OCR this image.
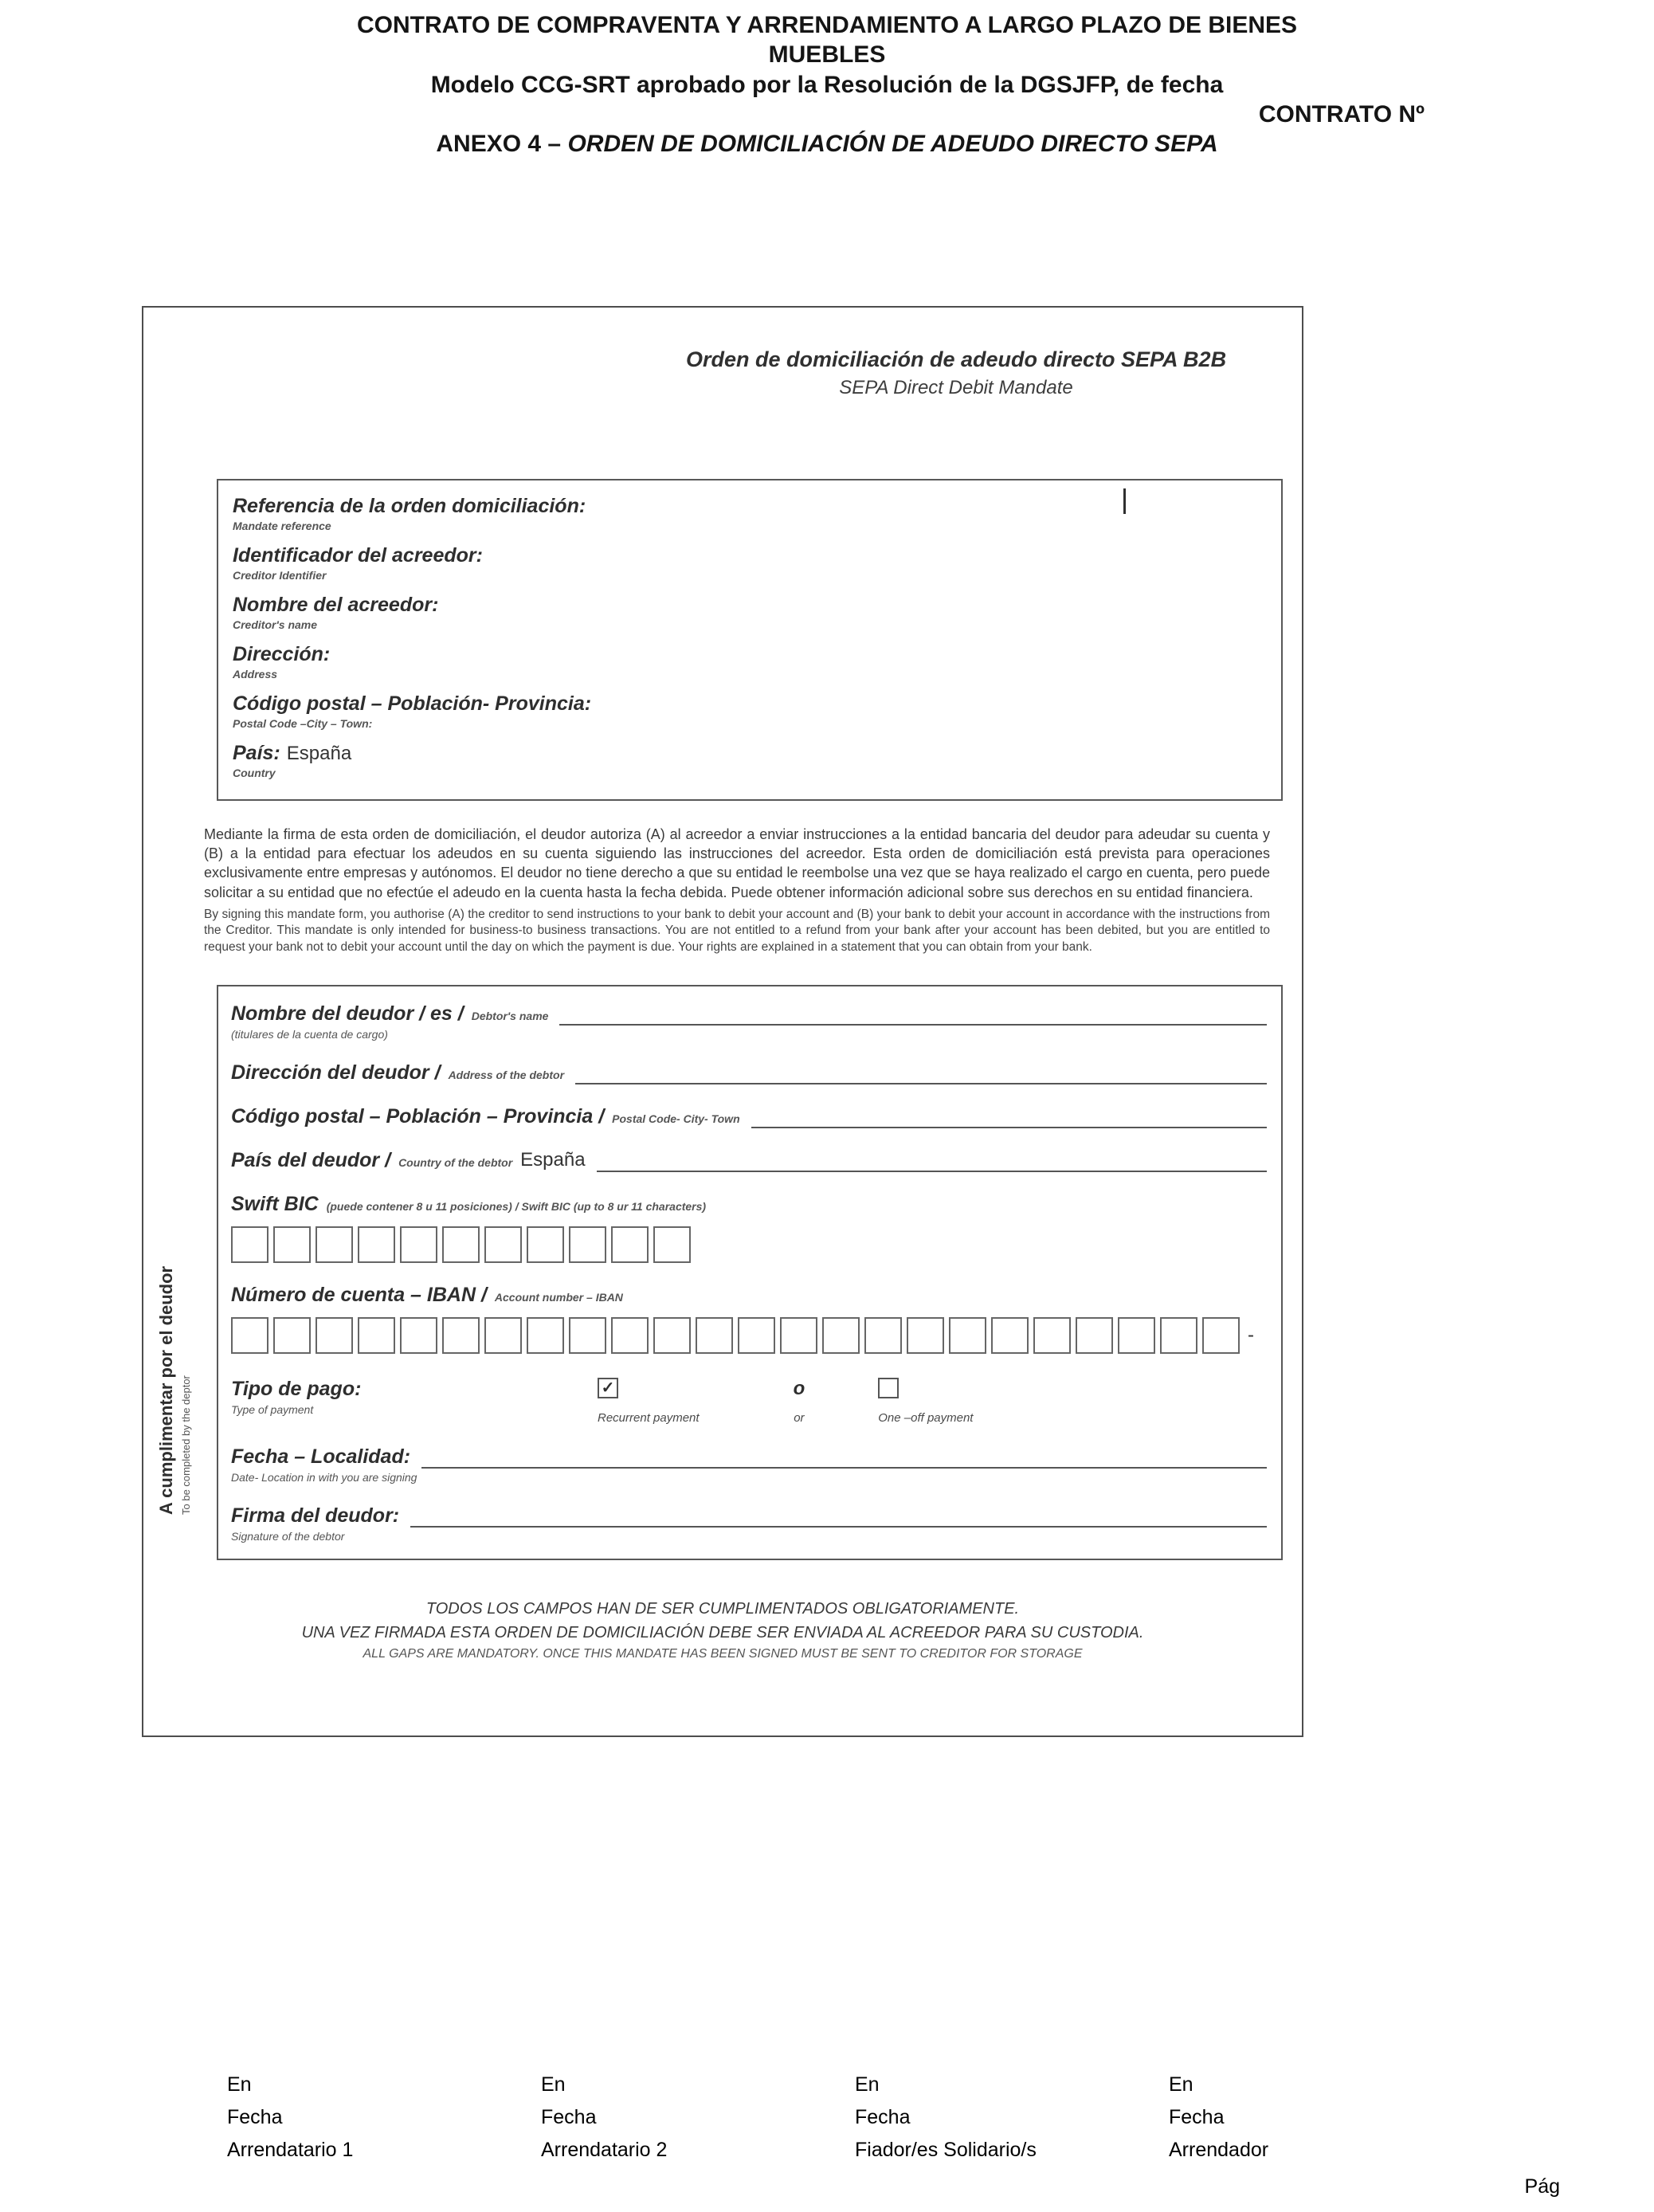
CONTRATO DE COMPRAVENTA Y ARRENDAMIENTO A LARGO PLAZO DE BIENES
MUEBLES
Modelo CCG-SRT aprobado por la Resolución de la DGSJFP, de fecha
CONTRATO Nº
ANEXO 4 – ORDEN DE DOMICILIACIÓN DE ADEUDO DIRECTO SEPA
Orden de domiciliación de adeudo directo SEPA B2B
SEPA Direct Debit Mandate
Referencia de la orden domiciliación:
Mandate reference
Identificador del acreedor:
Creditor Identifier
Nombre del acreedor:
Creditor's name
Dirección:
Address
Código postal – Población- Provincia:
Postal Code –City – Town:
País: España
Country

Mediante la firma de esta orden de domiciliación, el deudor autoriza (A) al acreedor a enviar instrucciones a la entidad bancaria del deudor para adeudar su cuenta y (B) a la entidad para efectuar los adeudos en su cuenta siguiendo las instrucciones del acreedor. Esta orden de domiciliación está prevista para operaciones exclusivamente entre empresas y autónomos. El deudor no tiene derecho a que su entidad le reembolse una vez que se haya realizado el cargo en cuenta, pero puede solicitar a su entidad que no efectúe el adeudo en la cuenta hasta la fecha debida. Puede obtener información adicional sobre sus derechos en su entidad financiera.

By signing this mandate form, you authorise (A) the creditor to send instructions to your bank to debit your account and (B) your bank to debit your account in accordance with the instructions from the Creditor. This mandate is only intended for business-to business transactions. You are not entitled to a refund from your bank after your account has been debited, but you are entitled to request your bank not to debit your account until the day on which the payment is due. Your rights are explained in a statement that you can obtain from your bank.

A cumplimentar por el deudor To be completed by the deptor
Nombre del deudor / es / Debtor's name
(titulares de la cuenta de cargo)
Dirección del deudor / Address of the debtor
Código postal – Población – Provincia / Postal Code- City- Town
País del deudor / Country of the debtor España
Swift BIC (puede contener 8 u 11 posiciones) / Swift BIC (up to 8 ur 11 characters)
Número de cuenta – IBAN / Account number – IBAN
-
Tipo de pago:
Type of payment
✓
Recurrent payment
o
or	One –off payment
Fecha – Localidad:
Date- Location in with you are signing
Firma del deudor:
Signature of the debtor
TODOS LOS CAMPOS HAN DE SER CUMPLIMENTADOS OBLIGATORIAMENTE.
UNA VEZ FIRMADA ESTA ORDEN DE DOMICILIACIÓN DEBE SER ENVIADA AL ACREEDOR PARA SU CUSTODIA.
ALL GAPS ARE MANDATORY. ONCE THIS MANDATE HAS BEEN SIGNED MUST BE SENT TO CREDITOR FOR STORAGE
En
Fecha
Arrendatario 1
En
Fecha
Arrendatario 2
En
Fecha
Fiador/es Solidario/s
En
Fecha
Arrendador
Pág
